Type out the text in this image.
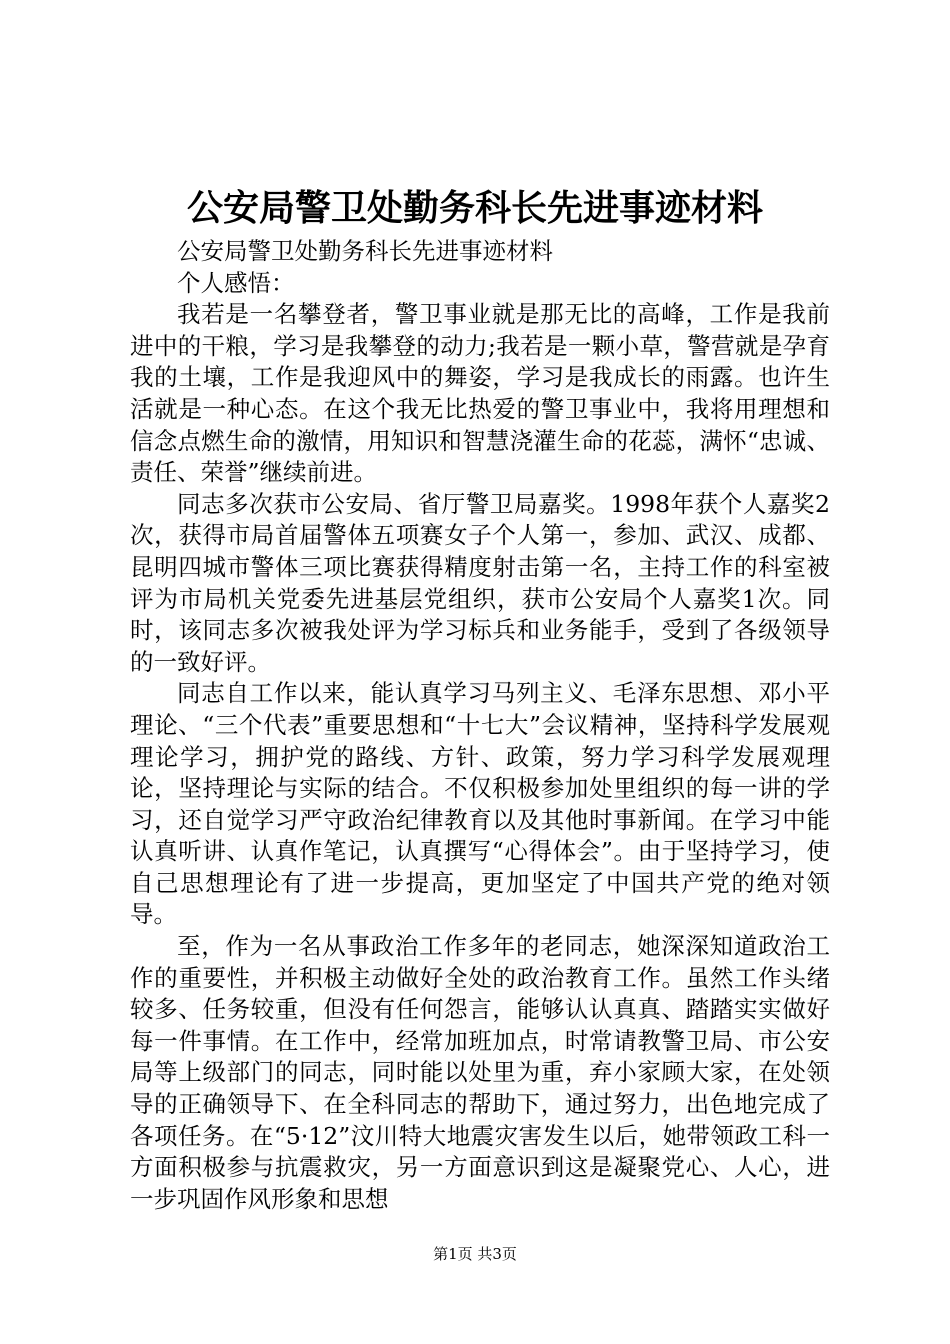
公安局警卫处勤务科长先进事迹材料

公安局警卫处勤务科长先进事迹材料

个人感悟：

我若是一名攀登者，警卫事业就是那无比的高峰，工作是我前进中的干粮，学习是我攀登的动力;我若是一颗小草，警营就是孕育我的土壤，工作是我迎风中的舞姿，学习是我成长的雨露。也许生活就是一种心态。在这个我无比热爱的警卫事业中，我将用理想和信念点燃生命的激情，用知识和智慧浇灌生命的花蕊，满怀“忠诚、责任、荣誉”继续前进。

同志多次获市公安局、省厅警卫局嘉奖。1998年获个人嘉奖2次，获得市局首届警体五项赛女子个人第一，参加、武汉、成都、昆明四城市警体三项比赛获得精度射击第一名，主持工作的科室被评为市局机关党委先进基层党组织，获市公安局个人嘉奖1次。同时，该同志多次被我处评为学习标兵和业务能手，受到了各级领导的一致好评。

同志自工作以来，能认真学习马列主义、毛泽东思想、邓小平理论、“三个代表”重要思想和“十七大”会议精神，坚持科学发展观理论学习，拥护党的路线、方针、政策，努力学习科学发展观理论，坚持理论与实际的结合。不仅积极参加处里组织的每一讲的学习，还自觉学习严守政治纪律教育以及其他时事新闻。在学习中能认真听讲、认真作笔记，认真撰写“心得体会”。由于坚持学习，使自己思想理论有了进一步提高，更加坚定了中国共产党的绝对领导。

至，作为一名从事政治工作多年的老同志，她深深知道政治工作的重要性，并积极主动做好全处的政治教育工作。虽然工作头绪较多、任务较重，但没有任何怨言，能够认认真真、踏踏实实做好每一件事情。在工作中，经常加班加点，时常请教警卫局、市公安局等上级部门的同志，同时能以处里为重，弃小家顾大家，在处领导的正确领导下、在全科同志的帮助下，通过努力，出色地完成了各项任务。在“5·12”汶川特大地震灾害发生以后，她带领政工科一方面积极参与抗震救灾，另一方面意识到这是凝聚党心、人心，进一步巩固作风形象和思想

第1页 共3页
